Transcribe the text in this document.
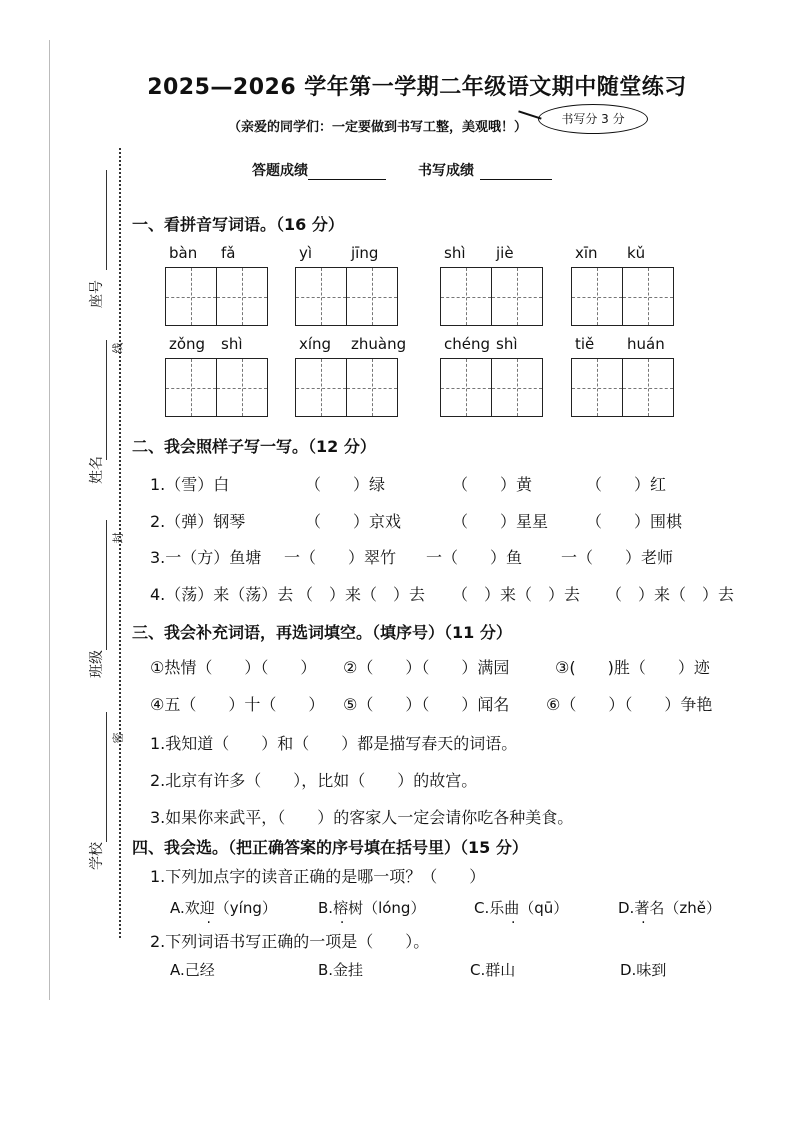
座号
线
姓名
封
班级
密
学校
2025—2026 学年第一学期二年级语文期中随堂练习
（亲爱的同学们：一定要做到书写工整，美观哦！）
书写分 3 分
答题成绩	书写成绩
一、看拼音写词语。（16 分）
bàn fǎ	yì	jīng	shì jiè	xīn kǔ
zǒng shì	xíng zhuàng	chéng shì	tiě huán
二、我会照样子写一写。（12 分）
1.（雪）白	（　　）绿	（　　）黄	（　　）红
2.（弹）钢琴	（　　）京戏	（　　）星星 （　　）围棋
3.一（方）鱼塘 一（　　）翠竹 一（　　）鱼 一（　　）老师
4.（荡）来（荡）去 （　）来（　）去 （　）来（　）去 （　）来（　）去
三、我会补充词语，再选词填空。（填序号）（11 分）
①热情（　　）（　　） ②（　　）（　　）满园	③(　　)胜（　　）迹
④五（　　）十（　　） ⑤（　　）（　　）闻名 ⑥（　　）（　　）争艳
1.我知道（　　）和（　　）都是描写春天的词语。
2.北京有许多（　　），比如（　　）的故宫。
3.如果你来武平，（　　）的客家人一定会请你吃各种美食。
四、我会选。（把正确答案的序号填在括号里）（15 分）
1.下列加点字的读音正确的是哪一项？（　　）
A.欢迎（yíng）	B.榕树（lóng）	C.乐曲（qū）	D.著名（zhě）
2.下列词语书写正确的一项是（　　）。
A.己经	B.金挂	C.群山	D.味到
